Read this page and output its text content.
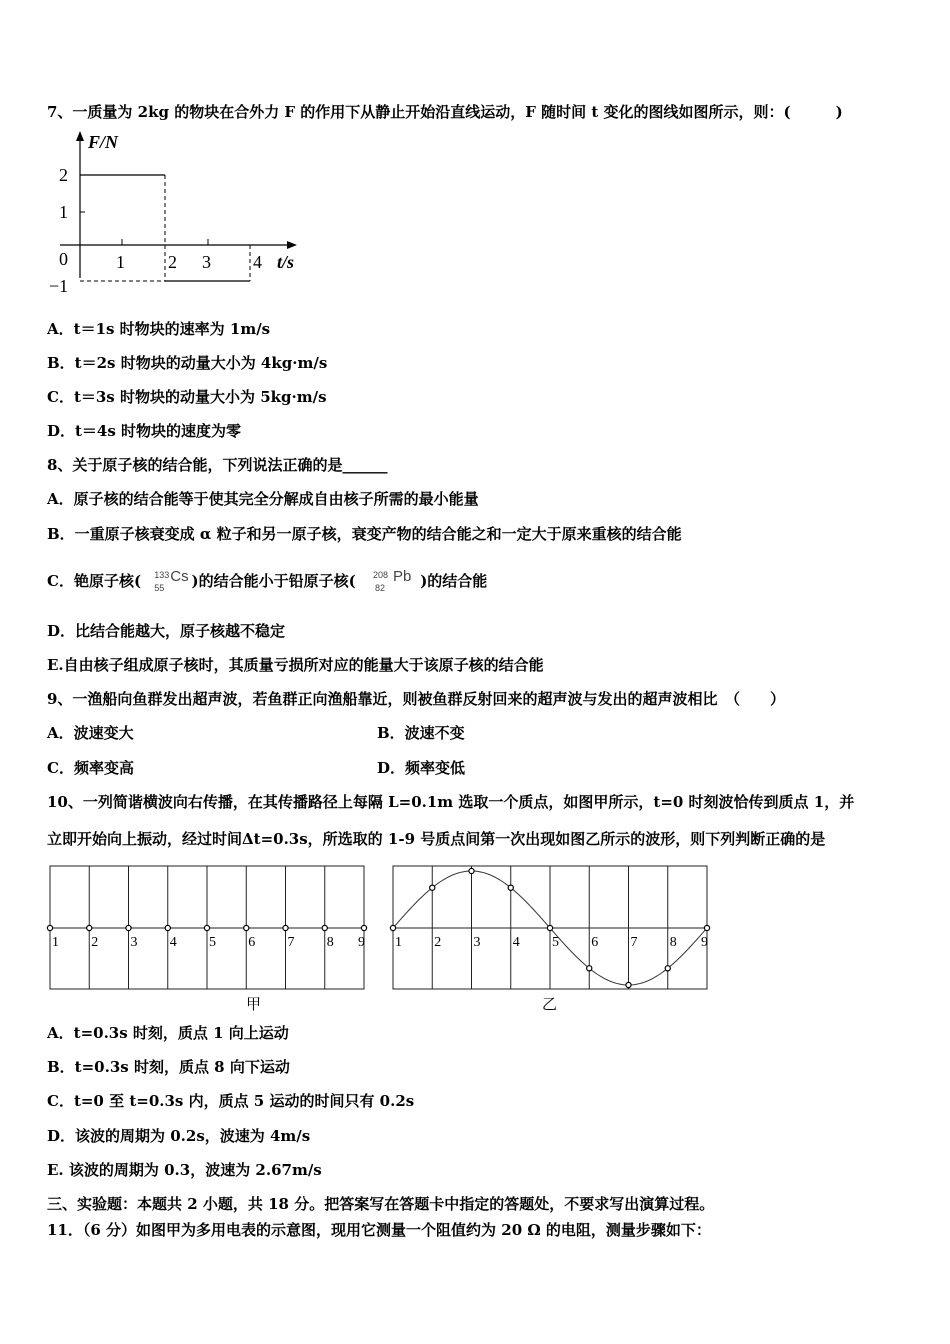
7、一质量为 2kg 的物块在合外力 F 的作用下从静止开始沿直线运动，F 随时间 t 变化的图线如图所示，则：(　　　)
F/N
2
1
−1
0	1 2 3 4 t/s
A．t＝1s 时物块的速率为 1m/s
B．t＝2s 时物块的动量大小为 4kg·m/s
C．t＝3s 时物块的动量大小为 5kg·m/s
D．t＝4s 时物块的速度为零
8、关于原子核的结合能，下列说法正确的是______
A．原子核的结合能等于使其完全分解成自由核子所需的最小能量
B．一重原子核衰变成 α 粒子和另一原子核，衰变产物的结合能之和一定大于原来重核的结合能
C．铯原子核( 133
55
Cs )的结合能小于铅原子核( 208
82
Pb )的结合能
D．比结合能越大，原子核越不稳定
E.自由核子组成原子核时，其质量亏损所对应的能量大于该原子核的结合能
9、一渔船向鱼群发出超声波，若鱼群正向渔船靠近，则被鱼群反射回来的超声波与发出的超声波相比　（　　）
A．波速变大	B．波速不变
C．频率变高	D．频率变低
10、一列简谐横波向右传播，在其传播路径上每隔 L=0.1m 选取一个质点，如图甲所示，t=0 时刻波恰传到质点 1，并
立即开始向上振动，经过时间Δt=0.3s，所选取的 1-9 号质点间第一次出现如图乙所示的波形，则下列判断正确的是
1 2 3 4 5 6 7 8 9
甲
1 2 3 4 5 6 7 8 9
乙
A．t=0.3s 时刻，质点 1 向上运动
B．t=0.3s 时刻，质点 8 向下运动
C．t=0 至 t=0.3s 内，质点 5 运动的时间只有 0.2s
D．该波的周期为 0.2s，波速为 4m/s
E. 该波的周期为 0.3，波速为 2.67m/s
三、实验题：本题共 2 小题，共 18 分。把答案写在答题卡中指定的答题处，不要求写出演算过程。
11．（6 分）如图甲为多用电表的示意图，现用它测量一个阻值约为 20 Ω 的电阻，测量步骤如下：
